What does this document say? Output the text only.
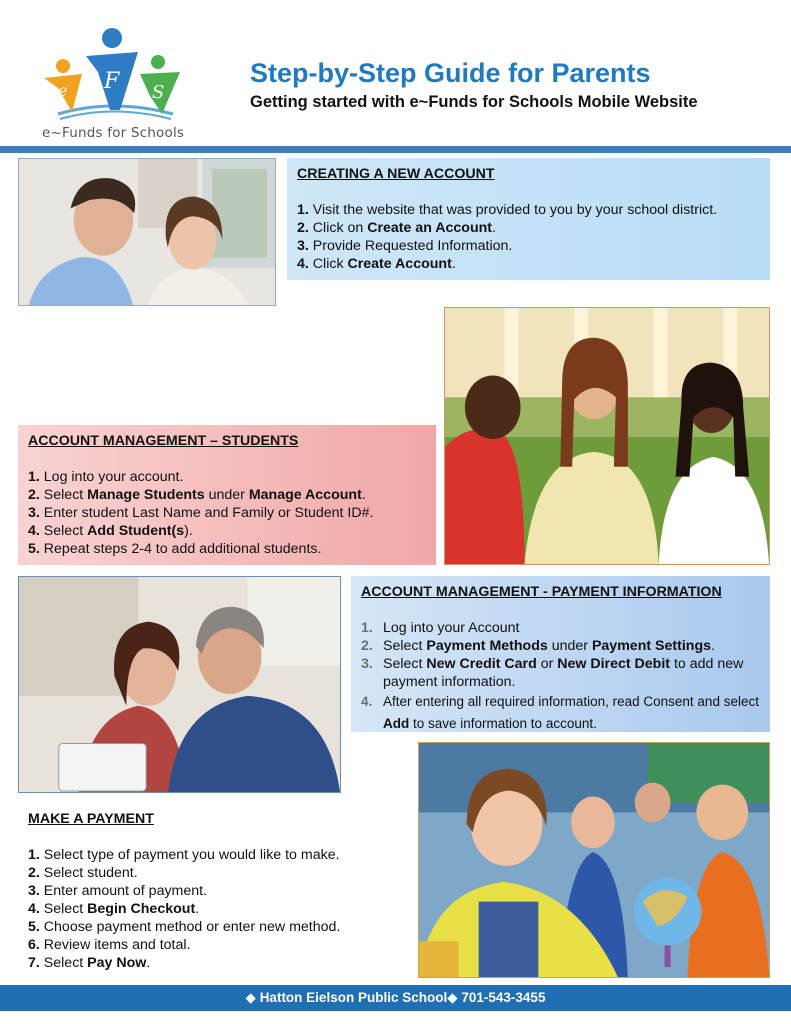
e F S
e~Funds for Schools
Step-by-Step Guide for Parents
Getting started with e~Funds for Schools Mobile Website
CREATING A NEW ACCOUNT
1. Visit the website that was provided to you by your school district.
2. Click on Create an Account.
3. Provide Requested Information.
4. Click Create Account.
ACCOUNT MANAGEMENT – STUDENTS
1. Log into your account.
2. Select Manage Students under Manage Account.
3. Enter student Last Name and Family or Student ID#.
4. Select Add Student(s).
5. Repeat steps 2-4 to add additional students.
ACCOUNT MANAGEMENT - PAYMENT INFORMATION
1. Log into your Account
2. Select Payment Methods under Payment Settings.
3. Select New Credit Card or New Direct Debit to add new payment information.
4. After entering all required information, read Consent and select Add to save information to account.
MAKE A PAYMENT
1. Select type of payment you would like to make.
2. Select student.
3. Enter amount of payment.
4. Select Begin Checkout.
5. Choose payment method or enter new method.
6. Review items and total.
7. Select Pay Now.
◆ Hatton Eielson Public School◆ 701-543-3455
